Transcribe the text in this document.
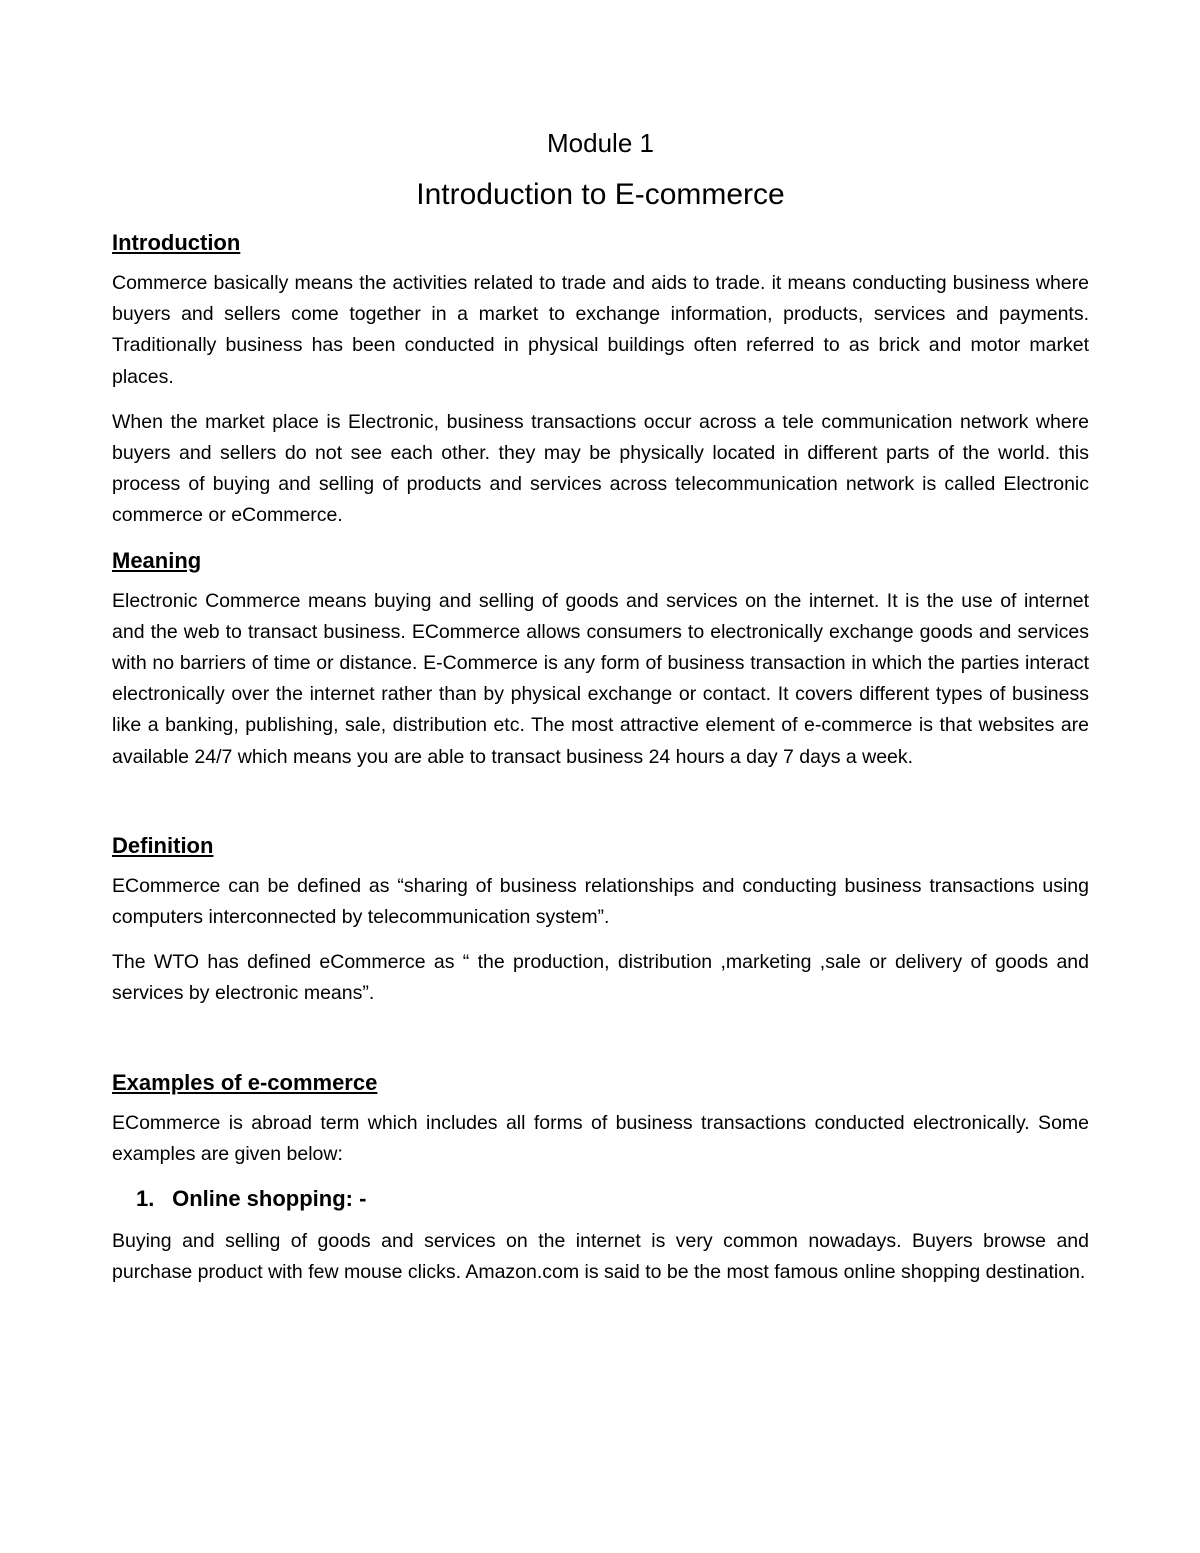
Module 1
Introduction to E-commerce
Introduction

Commerce basically means the activities related to trade and aids to trade. it means conducting business where buyers and sellers come together in a market to exchange information, products, services and payments. Traditionally business has been conducted in physical buildings often referred to as brick and motor market places.

When the market place is Electronic, business transactions occur across a tele communication network where buyers and sellers do not see each other. they may be physically located in different parts of the world. this process of buying and selling of products and services across telecommunication network is called Electronic commerce or eCommerce.

Meaning

Electronic Commerce means buying and selling of goods and services on the internet. It is the use of internet and the web to transact business. ECommerce allows consumers to electronically exchange goods and services with no barriers of time or distance. E-Commerce is any form of business transaction in which the parties interact electronically over the internet rather than by physical exchange or contact. It covers different types of business like a banking, publishing, sale, distribution etc. The most attractive element of e-commerce is that websites are available 24/7 which means you are able to transact business 24 hours a day 7 days a week.

Definition

ECommerce can be defined as “sharing of business relationships and conducting business transactions using computers interconnected by telecommunication system”.

The WTO has defined eCommerce as “ the production, distribution ,marketing ,sale or delivery of goods and services by electronic means”.

Examples of e-commerce

ECommerce is abroad term which includes all forms of business transactions conducted electronically. Some examples are given below:

1. Online shopping: -

Buying and selling of goods and services on the internet is very common nowadays. Buyers browse and purchase product with few mouse clicks. Amazon.com is said to be the most famous online shopping destination.
